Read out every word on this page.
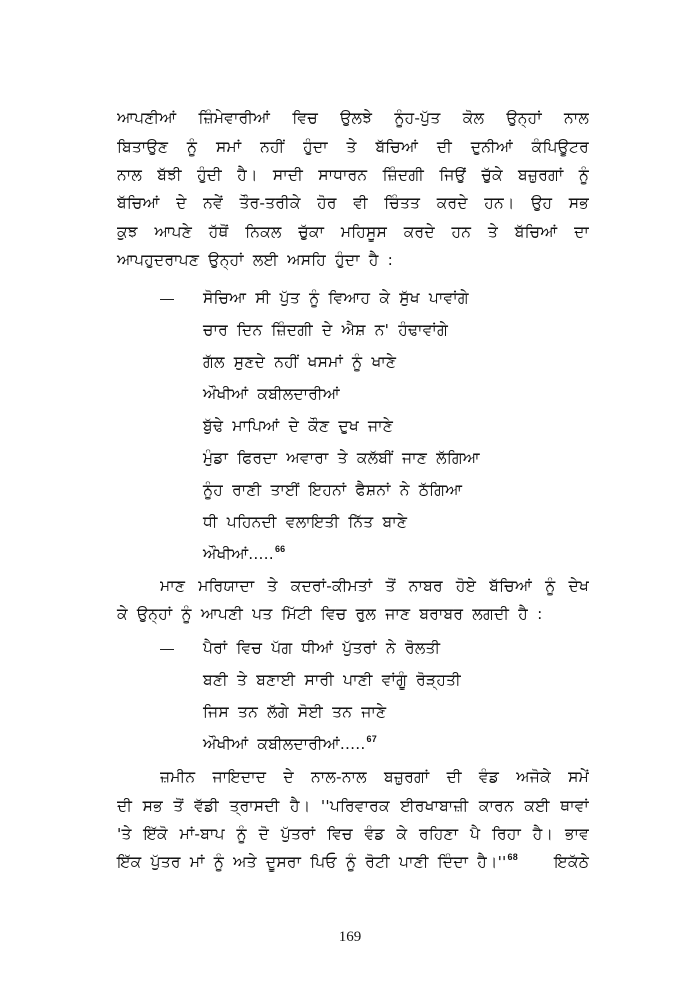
ਆਪਣੀਆਂ ਜ਼ਿੰਮੇਵਾਰੀਆਂ ਵਿਚ ਉਲਝੇ ਨੂੰਹ-ਪੁੱਤ ਕੋਲ ਉਨ੍ਹਾਂ ਨਾਲ
ਬਿਤਾਉਣ ਨੂੰ ਸਮਾਂ ਨਹੀਂ ਹੁੰਦਾ ਤੇ ਬੱਚਿਆਂ ਦੀ ਦੁਨੀਆਂ ਕੰਪਿਊਟਰ
ਨਾਲ ਬੱਝੀ ਹੁੰਦੀ ਹੈ। ਸਾਦੀ ਸਾਧਾਰਨ ਜ਼ਿੰਦਗੀ ਜਿਉਂ ਚੁੱਕੇ ਬਜ਼ੁਰਗਾਂ ਨੂੰ
ਬੱਚਿਆਂ ਦੇ ਨਵੇਂ ਤੌਰ-ਤਰੀਕੇ ਹੋਰ ਵੀ ਚਿੰਤਤ ਕਰਦੇ ਹਨ। ਉਹ ਸਭ
ਕੁਝ ਆਪਣੇ ਹੱਥੋਂ ਨਿਕਲ ਚੁੱਕਾ ਮਹਿਸੂਸ ਕਰਦੇ ਹਨ ਤੇ ਬੱਚਿਆਂ ਦਾ
ਆਪਹੁਦਰਾਪਣ ਉਨ੍ਹਾਂ ਲਈ ਅਸਹਿ ਹੁੰਦਾ ਹੈ :
ਸੋਚਿਆ ਸੀ ਪੁੱਤ ਨੂੰ ਵਿਆਹ ਕੇ ਸੁੱਖ ਪਾਵਾਂਗੇ
ਚਾਰ ਦਿਨ ਜ਼ਿੰਦਗੀ ਦੇ ਐਸ਼ ਨ' ਹੰਢਾਵਾਂਗੇ
ਗੱਲ ਸੁਣਦੇ ਨਹੀਂ ਖਸਮਾਂ ਨੂੰ ਖਾਣੇ
ਔਖੀਆਂ ਕਬੀਲਦਾਰੀਆਂ
ਬੁੱਢੇ ਮਾਪਿਆਂ ਦੇ ਕੌਣ ਦੁਖ ਜਾਣੇ
ਮੁੰਡਾ ਫਿਰਦਾ ਅਵਾਰਾ ਤੇ ਕਲੱਬੀਂ ਜਾਣ ਲੱਗਿਆ
ਨੂੰਹ ਰਾਣੀ ਤਾਈਂ ਇਹਨਾਂ ਫੈਸ਼ਨਾਂ ਨੇ ਠੱਗਿਆ
ਧੀ ਪਹਿਨਦੀ ਵਲਾਇਤੀ ਨਿੱਤ ਬਾਣੇ
ਔਖੀਆਂ.....$^{66}$
ਮਾਣ ਮਰਿਯਾਦਾ ਤੇ ਕਦਰਾਂ-ਕੀਮਤਾਂ ਤੋਂ ਨਾਬਰ ਹੋਏ ਬੱਚਿਆਂ ਨੂੰ ਦੇਖ
ਕੇ ਉਨ੍ਹਾਂ ਨੂੰ ਆਪਣੀ ਪਤ ਮਿੱਟੀ ਵਿਚ ਰੁਲ ਜਾਣ ਬਰਾਬਰ ਲਗਦੀ ਹੈ :
ਪੈਰਾਂ ਵਿਚ ਪੱਗ ਧੀਆਂ ਪੁੱਤਰਾਂ ਨੇ ਰੋਲਤੀ
ਬਣੀ ਤੇ ਬਣਾਈ ਸਾਰੀ ਪਾਣੀ ਵਾਂਗੂੰ ਰੋੜ੍ਹਤੀ
ਜਿਸ ਤਨ ਲੱਗੇ ਸੋਈ ਤਨ ਜਾਣੇ
ਔਖੀਆਂ ਕਬੀਲਦਾਰੀਆਂ.....$^{67}$
ਜ਼ਮੀਨ ਜਾਇਦਾਦ ਦੇ ਨਾਲ-ਨਾਲ ਬਜ਼ੁਰਗਾਂ ਦੀ ਵੰਡ ਅਜੋਕੇ ਸਮੇਂ
ਦੀ ਸਭ ਤੋਂ ਵੱਡੀ ਤ੍ਰਾਸਦੀ ਹੈ। ''ਪਰਿਵਾਰਕ ਈਰਖਾਬਾਜ਼ੀ ਕਾਰਨ ਕਈ ਥਾਵਾਂ
'ਤੇ ਇੱਕੋ ਮਾਂ-ਬਾਪ ਨੂੰ ਦੋ ਪੁੱਤਰਾਂ ਵਿਚ ਵੰਡ ਕੇ ਰਹਿਣਾ ਪੈ ਰਿਹਾ ਹੈ। ਭਾਵ
ਇੱਕ ਪੁੱਤਰ ਮਾਂ ਨੂੰ ਅਤੇ ਦੂਸਰਾ ਪਿਓ ਨੂੰ ਰੋਟੀ ਪਾਣੀ ਦਿੰਦਾ ਹੈ।''$^{68}$ ਇਕੱਠੇ
169
